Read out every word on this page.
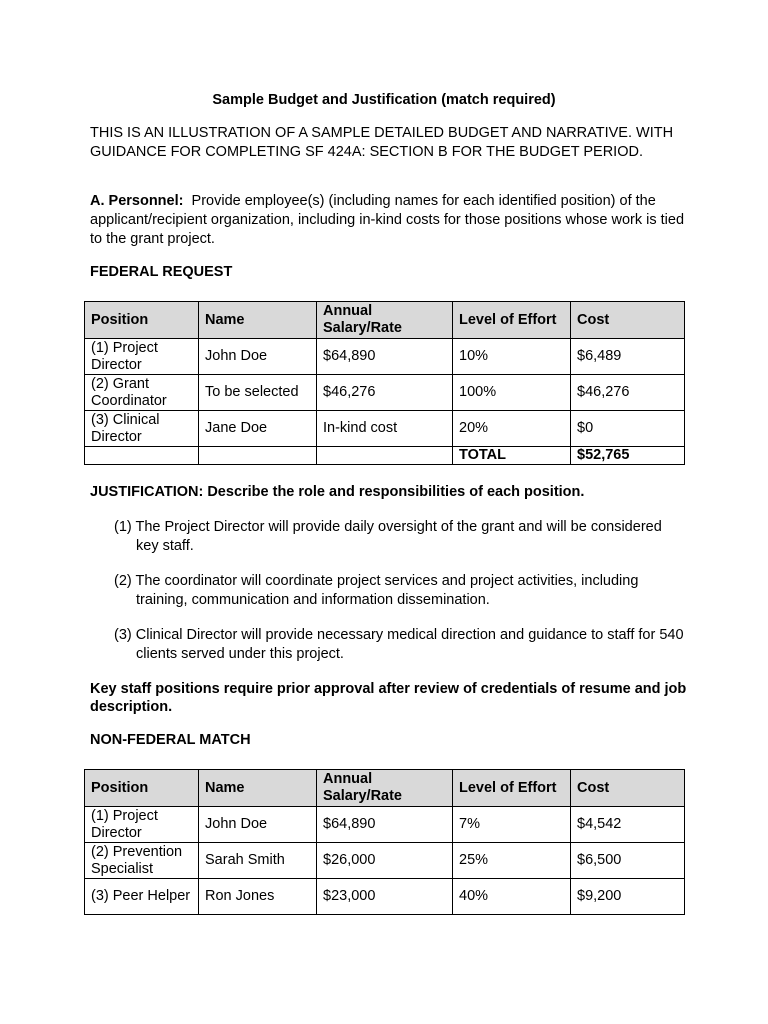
Sample Budget and Justification (match required)
THIS IS AN ILLUSTRATION OF A SAMPLE DETAILED BUDGET AND NARRATIVE. WITH GUIDANCE FOR COMPLETING SF 424A: SECTION B FOR THE BUDGET PERIOD.
A. Personnel: Provide employee(s) (including names for each identified position) of the applicant/recipient organization, including in-kind costs for those positions whose work is tied to the grant project.
FEDERAL REQUEST
Position	Name	Annual Salary/Rate	Level of Effort	Cost
(1) Project Director	John Doe	$64,890	10%	$6,489
(2) Grant Coordinator	To be selected	$46,276	100%	$46,276
(3) Clinical Director	Jane Doe	In-kind cost	20%	$0
			TOTAL	$52,765
JUSTIFICATION: Describe the role and responsibilities of each position.
(1) The Project Director will provide daily oversight of the grant and will be considered key staff.
(2) The coordinator will coordinate project services and project activities, including training, communication and information dissemination.
(3) Clinical Director will provide necessary medical direction and guidance to staff for 540 clients served under this project.
Key staff positions require prior approval after review of credentials of resume and job description.
NON-FEDERAL MATCH
Position	Name	Annual Salary/Rate	Level of Effort	Cost
(1) Project Director	John Doe	$64,890	7%	$4,542
(2) Prevention Specialist	Sarah Smith	$26,000	25%	$6,500
(3) Peer Helper	Ron Jones	$23,000	40%	$9,200
